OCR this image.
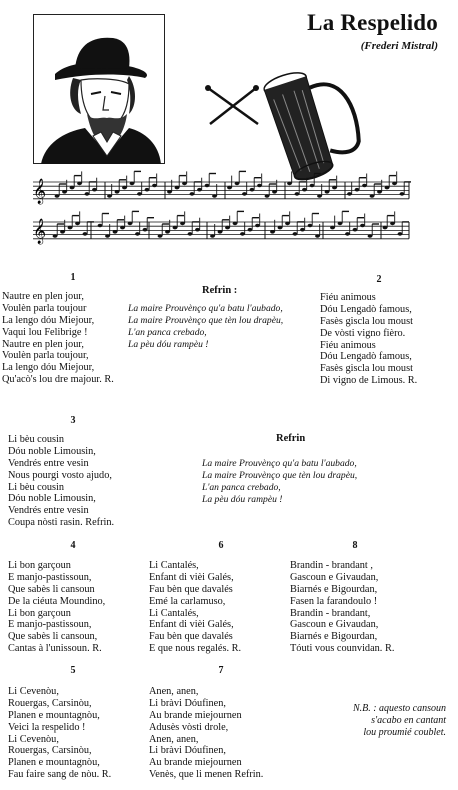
La Respelido
(Frederi Mistral)
𝄞
𝄞
1
Nautre en plen jour,
Voulèn parla toujour
La lengo dóu Miejour,
Vaqui lou Felibrige !
Nautre en plen jour,
Voulèn parla toujour,
La lengo dóu Miejour,
Qu'acò's lou dre majour. R.
Refrin :
La maire Prouvènço qu'a batu l'aubado,
La maire Prouvènço que tèn lou drapèu,
L'an panca crebado,
La pèu dóu rampèu !
2
Fiéu animous
Dóu Lengadò famous,
Fasès giscla lou moust
De vòsti vigno fièro.
Fiéu animous
Dóu Lengadò famous,
Fasès giscla lou moust
Di vigno de Limous. R.
3
Li bèu cousin
Dóu noble Limousin,
Vendrés entre vesin
Nous pourgi vosto ajudo,
Li bèu cousin
Dóu noble Limousin,
Vendrés entre vesin
Coupa nòsti rasin. Refrin.
Refrin
La maire Prouvènço qu'a batu l'aubado,
La maire Prouvènço que tèn lou drapèu,
L'an panca crebado,
La pèu dóu rampèu !
4
Li bon garçoun
E manjo-pastissoun,
Que sabès li cansoun
De la ciéuta Moundino,
Li bon garçoun
E manjo-pastissoun,
Que sabès li cansoun,
Cantas à l'unissoun. R.
6
Li Cantalés,
Enfant di vièi Galés,
Fau bèn que davalés
Emé la carlamuso,
Li Cantalés,
Enfant di vièi Galés,
Fau bèn que davalés
E que nous regalés. R.
8
Brandin - brandant ,
Gascoun e Givaudan,
Biarnés e Bigourdan,
Fasen la farandoulo !
Brandin - brandant,
Gascoun e Givaudan,
Biarnés e Bigourdan,
Tóuti vous counvidan. R.
5
Li Cevenòu,
Rouergas, Carsinòu,
Planen e mountagnòu,
Veici la respelido !
Li Cevenòu,
Rouergas, Carsinòu,
Planen e mountagnòu,
Fau faire sang de nòu. R.
7
Anen, anen,
Li bràvi Dóufinen,
Au brande miejournen
Adusès vòsti drole,
Anen, anen,
Li bràvi Dóufinen,
Au brande miejournen
Venès, que li menen Refrin.
N.B. : aquesto cansoun
s'acabo en cantant
lou proumié coublet.
